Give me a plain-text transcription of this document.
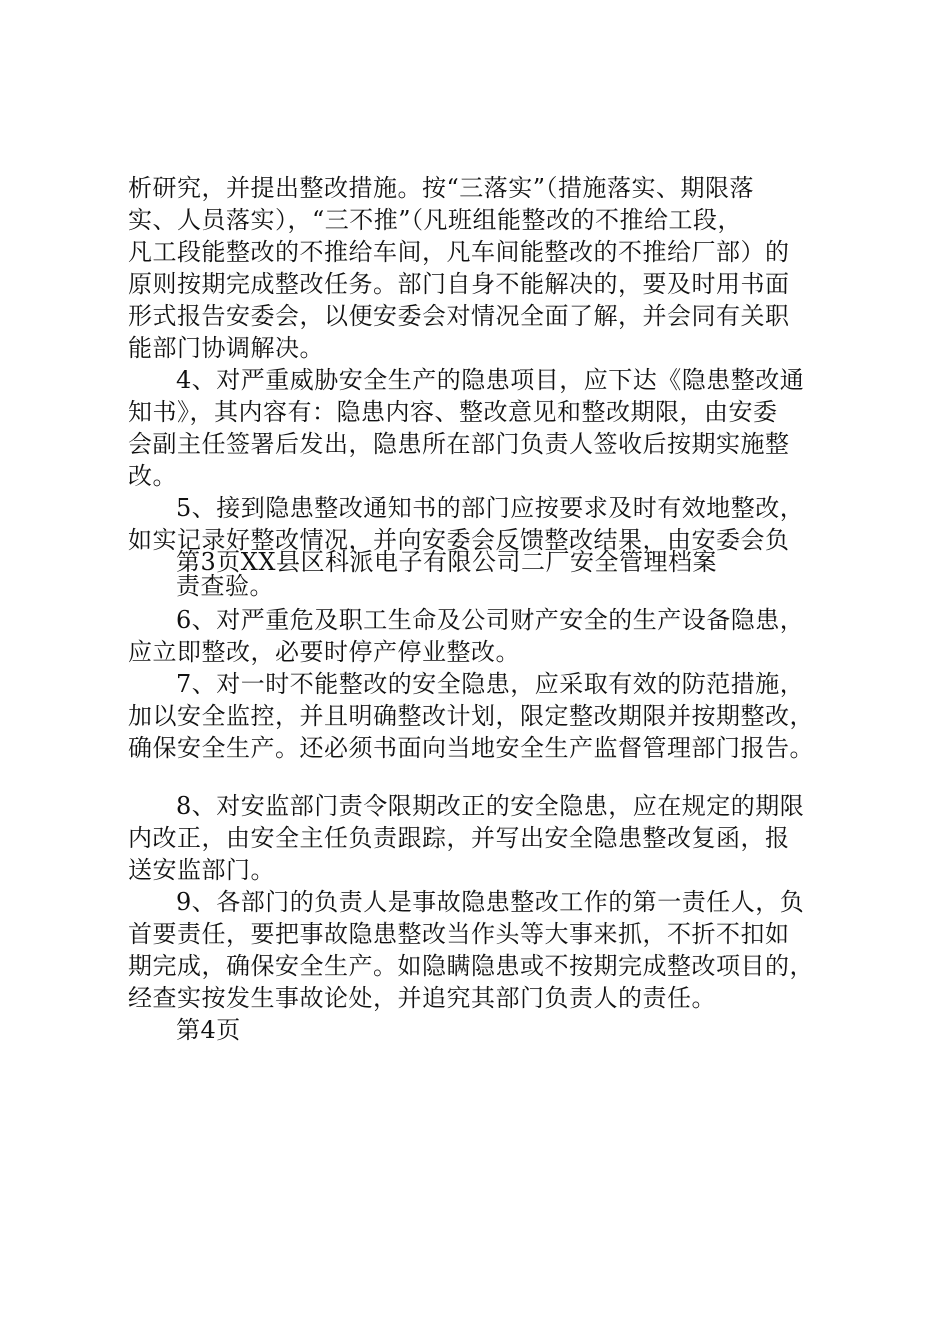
析研究，并提出整改措施。按“三落实”（措施落实、期限落
实、人员落实），“三不推”（凡班组能整改的不推给工段，
凡工段能整改的不推给车间，凡车间能整改的不推给厂部）的
原则按期完成整改任务。部门自身不能解决的，要及时用书面
形式报告安委会，以便安委会对情况全面了解，并会同有关职
能部门协调解决。
4、对严重威胁安全生产的隐患项目，应下达《隐患整改通
知书》，其内容有：隐患内容、整改意见和整改期限，由安委
会副主任签署后发出，隐患所在部门负责人签收后按期实施整
改。
5、接到隐患整改通知书的部门应按要求及时有效地整改，
如实记录好整改情况，并向安委会反馈整改结果，由安委会负
第3页XX县区科派电子有限公司二厂安全管理档案
责查验。
6、对严重危及职工生命及公司财产安全的生产设备隐患，
应立即整改，必要时停产停业整改。
7、对一时不能整改的安全隐患，应采取有效的防范措施，
加以安全监控，并且明确整改计划，限定整改期限并按期整改，
确保安全生产。还必须书面向当地安全生产监督管理部门报告。
8、对安监部门责令限期改正的安全隐患，应在规定的期限
内改正，由安全主任负责跟踪，并写出安全隐患整改复函，报
送安监部门。
9、各部门的负责人是事故隐患整改工作的第一责任人，负
首要责任，要把事故隐患整改当作头等大事来抓，不折不扣如
期完成，确保安全生产。如隐瞒隐患或不按期完成整改项目的，
经查实按发生事故论处，并追究其部门负责人的责任。
第4页
